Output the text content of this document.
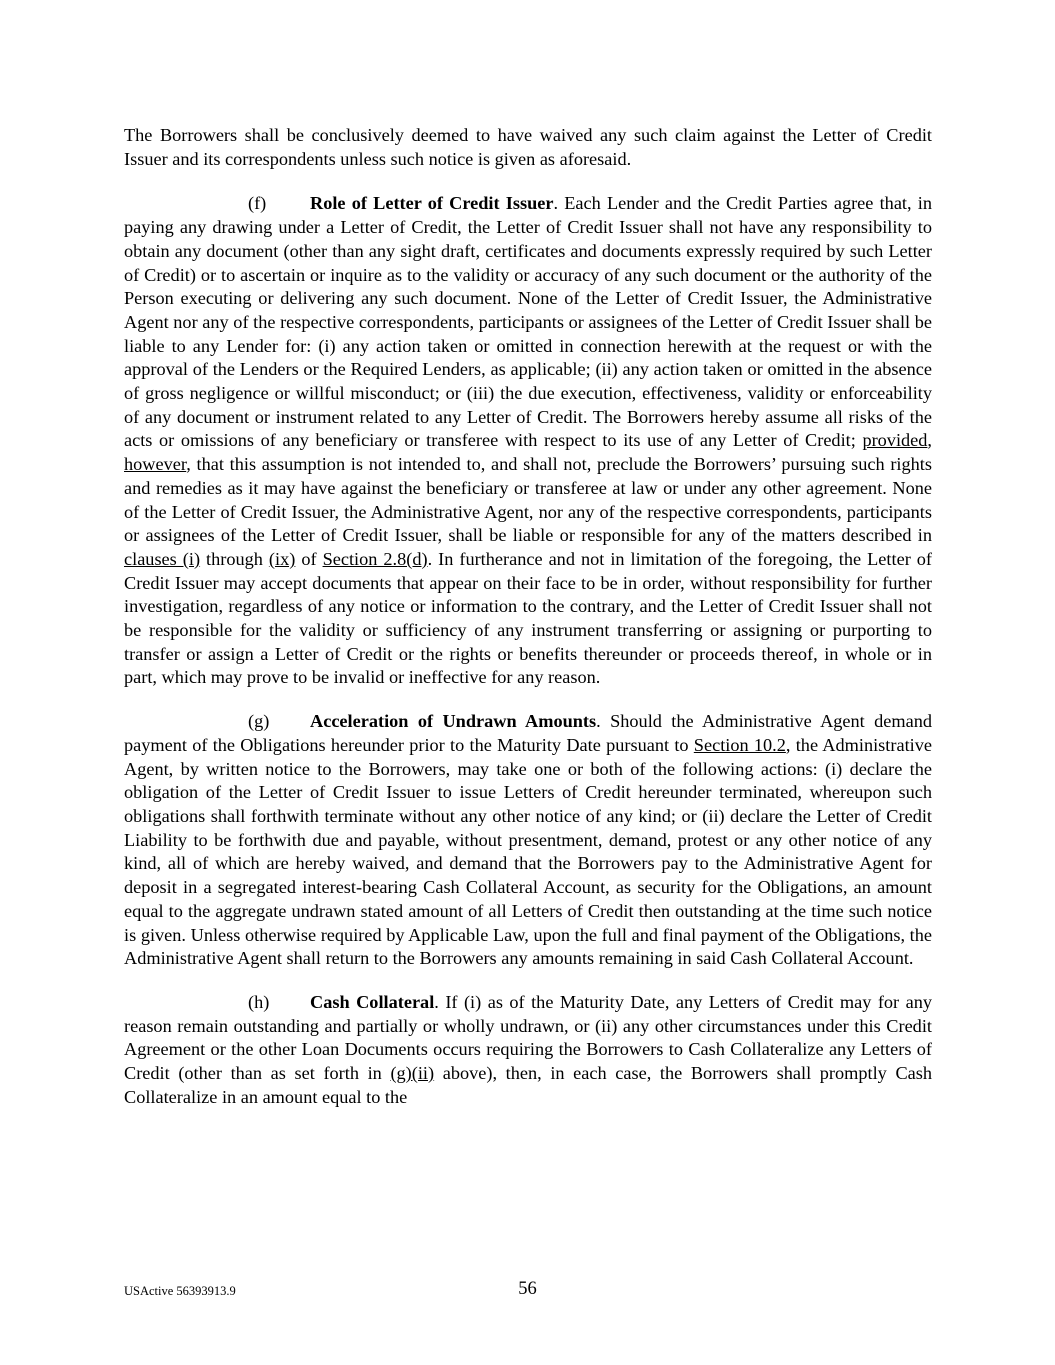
The Borrowers shall be conclusively deemed to have waived any such claim against the Letter of Credit Issuer and its correspondents unless such notice is given as aforesaid.

(f) Role of Letter of Credit Issuer. Each Lender and the Credit Parties agree that, in paying any drawing under a Letter of Credit, the Letter of Credit Issuer shall not have any responsibility to obtain any document (other than any sight draft, certificates and documents expressly required by such Letter of Credit) or to ascertain or inquire as to the validity or accuracy of any such document or the authority of the Person executing or delivering any such document. None of the Letter of Credit Issuer, the Administrative Agent nor any of the respective correspondents, participants or assignees of the Letter of Credit Issuer shall be liable to any Lender for: (i) any action taken or omitted in connection herewith at the request or with the approval of the Lenders or the Required Lenders, as applicable; (ii) any action taken or omitted in the absence of gross negligence or willful misconduct; or (iii) the due execution, effectiveness, validity or enforceability of any document or instrument related to any Letter of Credit. The Borrowers hereby assume all risks of the acts or omissions of any beneficiary or transferee with respect to its use of any Letter of Credit; provided, however, that this assumption is not intended to, and shall not, preclude the Borrowers’ pursuing such rights and remedies as it may have against the beneficiary or transferee at law or under any other agreement. None of the Letter of Credit Issuer, the Administrative Agent, nor any of the respective correspondents, participants or assignees of the Letter of Credit Issuer, shall be liable or responsible for any of the matters described in clauses (i) through (ix) of Section 2.8(d). In furtherance and not in limitation of the foregoing, the Letter of Credit Issuer may accept documents that appear on their face to be in order, without responsibility for further investigation, regardless of any notice or information to the contrary, and the Letter of Credit Issuer shall not be responsible for the validity or sufficiency of any instrument transferring or assigning or purporting to transfer or assign a Letter of Credit or the rights or benefits thereunder or proceeds thereof, in whole or in part, which may prove to be invalid or ineffective for any reason.

(g) Acceleration of Undrawn Amounts. Should the Administrative Agent demand payment of the Obligations hereunder prior to the Maturity Date pursuant to Section 10.2, the Administrative Agent, by written notice to the Borrowers, may take one or both of the following actions: (i) declare the obligation of the Letter of Credit Issuer to issue Letters of Credit hereunder terminated, whereupon such obligations shall forthwith terminate without any other notice of any kind; or (ii) declare the Letter of Credit Liability to be forthwith due and payable, without presentment, demand, protest or any other notice of any kind, all of which are hereby waived, and demand that the Borrowers pay to the Administrative Agent for deposit in a segregated interest-bearing Cash Collateral Account, as security for the Obligations, an amount equal to the aggregate undrawn stated amount of all Letters of Credit then outstanding at the time such notice is given. Unless otherwise required by Applicable Law, upon the full and final payment of the Obligations, the Administrative Agent shall return to the Borrowers any amounts remaining in said Cash Collateral Account.

(h) Cash Collateral. If (i) as of the Maturity Date, any Letters of Credit may for any reason remain outstanding and partially or wholly undrawn, or (ii) any other circumstances under this Credit Agreement or the other Loan Documents occurs requiring the Borrowers to Cash Collateralize any Letters of Credit (other than as set forth in (g)(ii) above), then, in each case, the Borrowers shall promptly Cash Collateralize in an amount equal to the

USActive 56393913.9	56
